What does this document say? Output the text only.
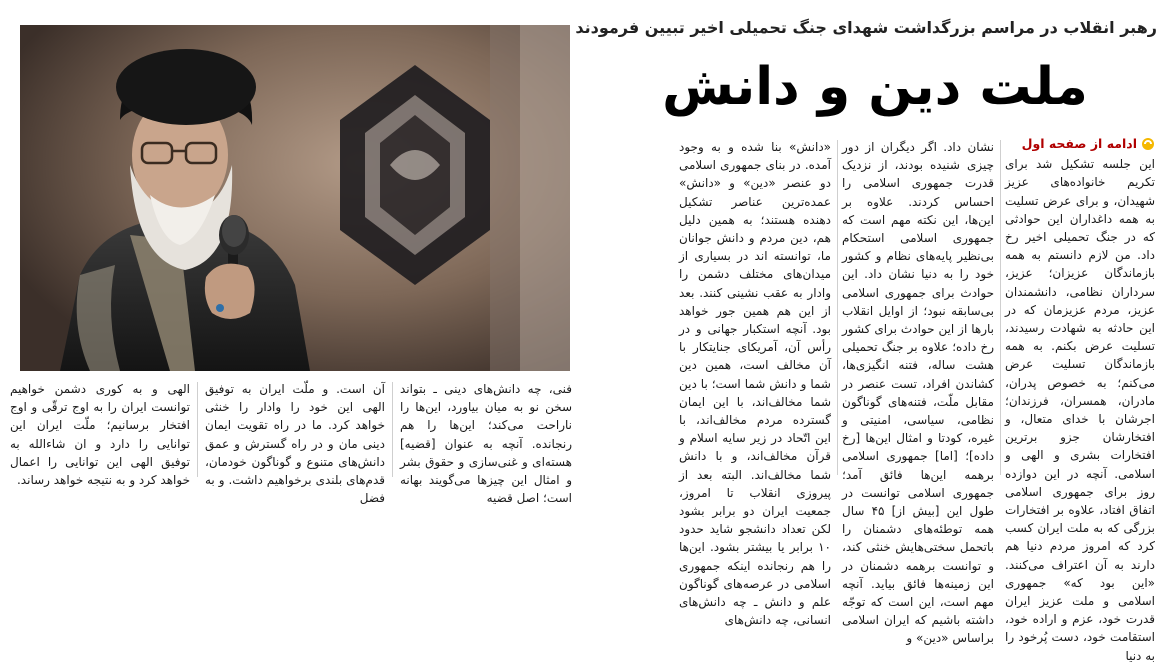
رهبر انقلاب در مراسم بزرگداشت شهدای جنگ تحمیلی اخیر تبیین فرمودند
ملت دین و دانش
ادامه از صفحه اول

این جلسه تشکیل شد برای تکریم خانواده‌های عزیز شهیدان، و برای عرض تسلیت به همه داغداران این حوادثی که در جنگ تحمیلی اخیر رخ داد. من لازم دانستم به همه بازماندگان عزیزان؛ عزیز، سرداران نظامی، دانشمندان عزیز، مردم عزیزمان که در این حادثه به شهادت رسیدند، تسلیت عرض بکنم. به همه بازماندگان تسلیت عرض می‌کنم؛ به خصوص پدران، مادران، همسران، فرزندان؛ اجرشان با خدای متعال، و افتخارشان جزو برترین افتخارات بشری و الهی و اسلامی. آنچه در این دوازده روز برای جمهوری اسلامی اتفاق افتاد، علاوه بر افتخارات بزرگی که به ملت ایران کسب کرد که امروز مردم دنیا هم دارند به آن اعتراف می‌کنند. «این بود که» جمهوری اسلامی و ملت عزیز ایران قدرت خود، عزم و اراده خود، استقامت خود، دست پُرخود را به دنیا

نشان داد. اگر دیگران از دور چیزی شنیده بودند، از نزدیک قدرت جمهوری اسلامی را احساس کردند. علاوه بر این‌ها، این نکته مهم است که جمهوری اسلامی استحکام بی‌نظیر پایه‌های نظام و کشور خود را به دنیا نشان داد. این حوادث برای جمهوری اسلامی بی‌سابقه نبود؛ از اوایل انقلاب بارها از این حوادث برای کشور رخ داده؛ علاوه بر جنگ تحمیلی هشت ساله، فتنه انگیزی‌ها، کشاندن افراد، تست عنصر در مقابل ملّت، فتنه‌های گوناگون نظامی، سیاسی، امنیتی و غیره، کودتا و امثال این‌ها [رخ داده]؛ [اما] جمهوری اسلامی برهمه این‌ها فائق آمد؛ جمهوری اسلامی توانست در طول این [بیش از] ۴۵ سال همه توطئه‌های دشمنان را باتحمل سختی‌هایش خنثی کند، و توانست برهمه دشمنان در این زمینه‌ها فائق بیاید. آنچه مهم است، این است که توجّه داشته باشیم که ایران اسلامی براساس «دین» و

«دانش» بنا شده و به وجود آمده. در بنای جمهوری اسلامی دو عنصر «دین» و «دانش» عمده‌ترین عناصر تشکیل دهنده هستند؛ به همین دلیل هم، دین مردم و دانش جوانان ما، توانسته اند در بسیاری از میدان‌های مختلف دشمن را وادار به عقب نشینی کنند. بعد از این هم همین جور خواهد بود. آنچه استکبار جهانی و در رأس آن، آمریکای جنایتکار با آن مخالف است، همین دین شما و دانش شما است؛ با دین شما مخالف‌اند، با این ایمان گسترده مردم مخالف‌اند، با این اتّحاد در زیر سایه اسلام و قرآن مخالف‌اند، و با دانش شما مخالف‌اند. البته بعد از پیروزی انقلاب تا امروز، جمعیت ایران دو برابر بشود لکن تعداد دانشجو شاید حدود ۱۰ برابر یا بیشتر بشود. این‌ها را هم رنجانده اینکه جمهوری اسلامی در عرصه‌های گوناگون علم و دانش ـ چه دانش‌های انسانی، چه دانش‌های

فنی، چه دانش‌های دینی ـ بتواند سخن نو به میان بیاورد، این‌ها را ناراحت می‌کند؛ این‌ها را هم رنجانده. آنچه به عنوان [قضیه] هسته‌ای و غنی‌سازی و حقوق بشر و امثال این چیزها می‌گویند بهانه است؛ اصل قضیه

آن است. و ملّت ایران به توفیق الهی این خود را وادار را خنثی خواهد کرد. ما در راه تقویت ایمان دینی مان و در راه گسترش و عمق دانش‌های متنوع و گوناگون خودمان، قدم‌های بلندی برخواهیم داشت. و به فضل

الهی و به کوری دشمن خواهیم توانست ایران را به اوج ترقّی و اوج افتخار برسانیم؛ ملّت ایران این توانایی را دارد و ان شاءالله به توفیق الهی این توانایی را اعمال خواهد کرد و به نتیجه خواهد رساند.
